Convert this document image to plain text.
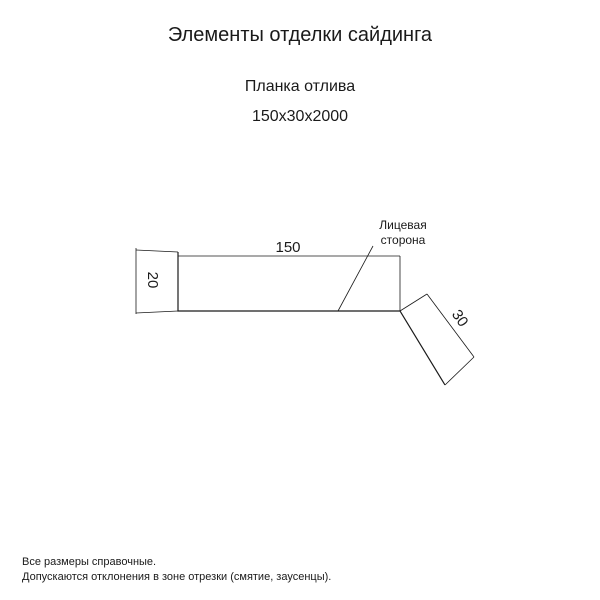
Элементы отделки сайдинга
Планка отлива
150x30x2000
150
20
30
Лицевая
сторона
Все размеры справочные.
Допускаются отклонения в зоне отрезки (смятие, заусенцы).
